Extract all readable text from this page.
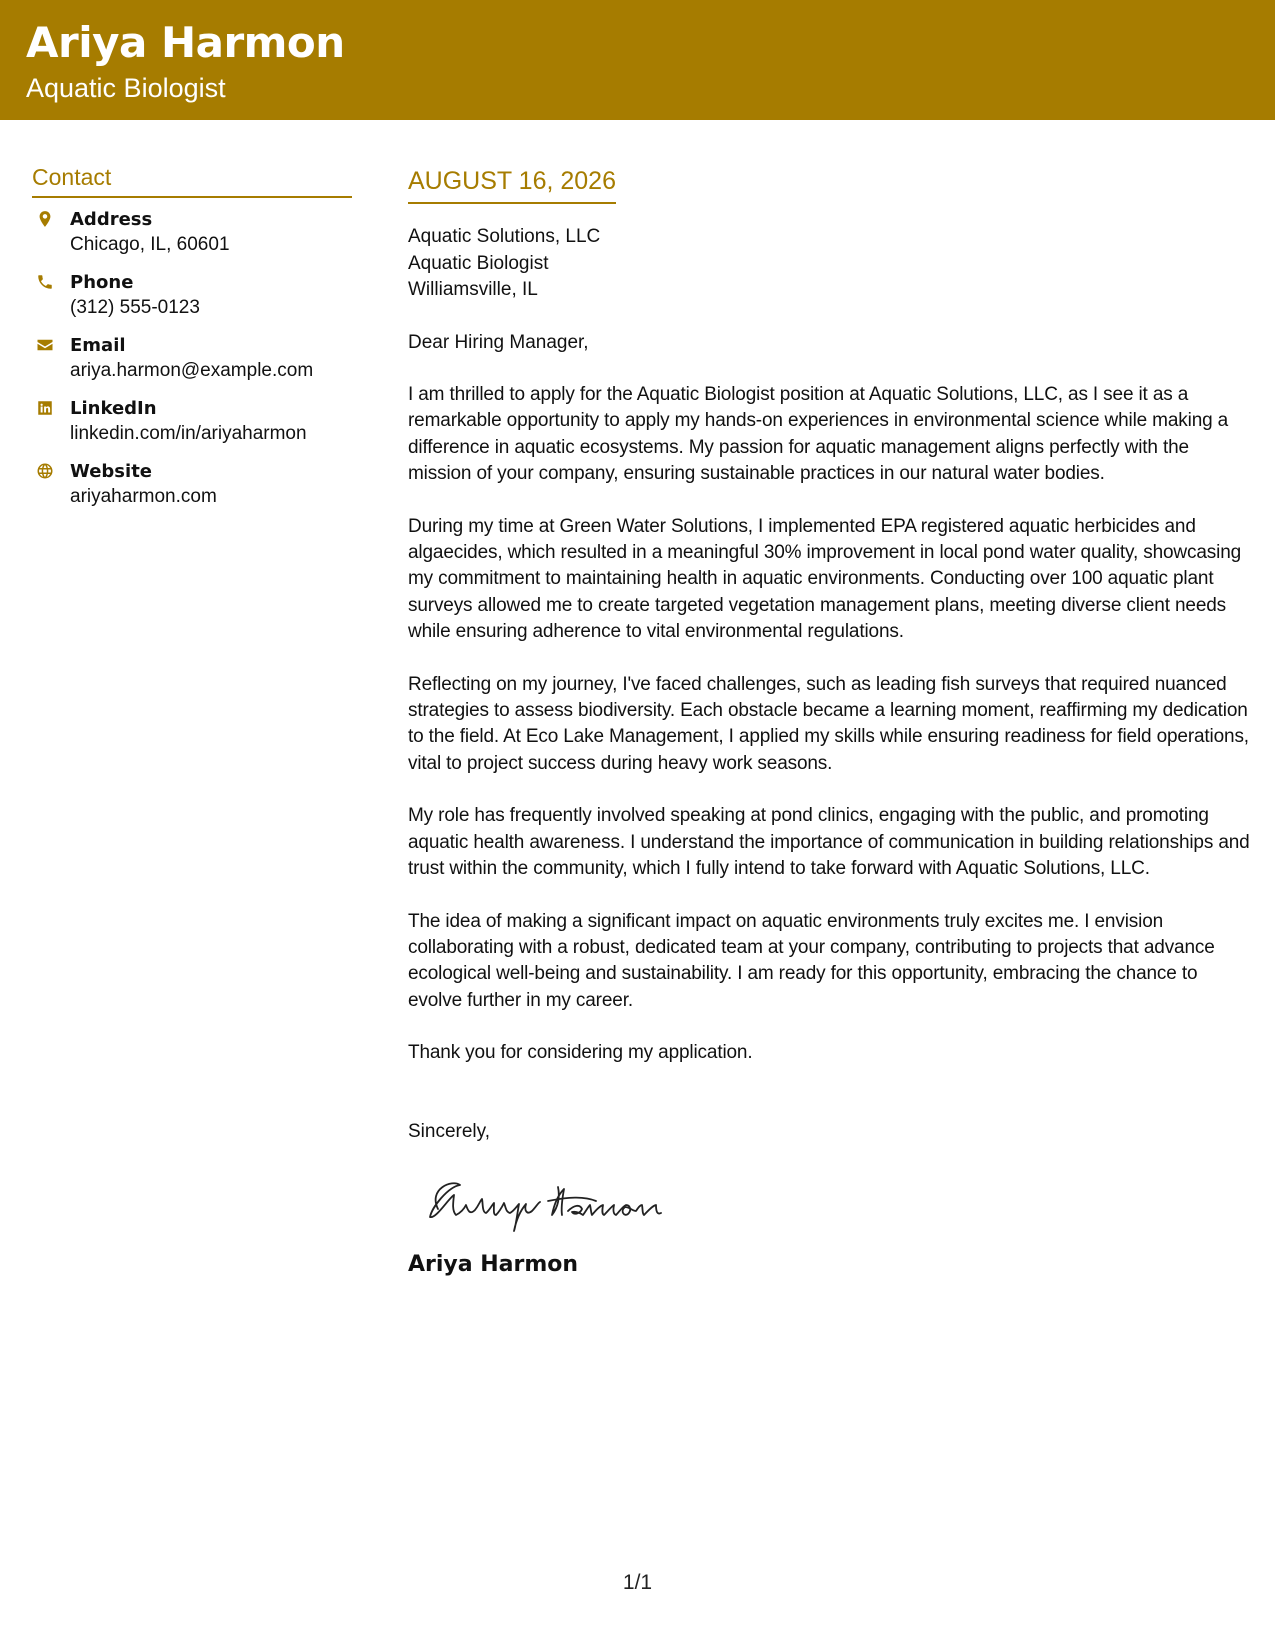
Ariya Harmon
Aquatic Biologist
Contact
Address
Chicago, IL, 60601
Phone
(312) 555-0123
Email
ariya.harmon@example.com
LinkedIn
linkedin.com/in/ariyaharmon
Website
ariyaharmon.com
AUGUST 16, 2026
Aquatic Solutions, LLC
Aquatic Biologist
Williamsville, IL
Dear Hiring Manager,
I am thrilled to apply for the Aquatic Biologist position at Aquatic Solutions, LLC, as I see it as a remarkable opportunity to apply my hands-on experiences in environmental science while making a difference in aquatic ecosystems. My passion for aquatic management aligns perfectly with the mission of your company, ensuring sustainable practices in our natural water bodies.
During my time at Green Water Solutions, I implemented EPA registered aquatic herbicides and algaecides, which resulted in a meaningful 30% improvement in local pond water quality, showcasing my commitment to maintaining health in aquatic environments. Conducting over 100 aquatic plant surveys allowed me to create targeted vegetation management plans, meeting diverse client needs while ensuring adherence to vital environmental regulations.
Reflecting on my journey, I've faced challenges, such as leading fish surveys that required nuanced strategies to assess biodiversity. Each obstacle became a learning moment, reaffirming my dedication to the field. At Eco Lake Management, I applied my skills while ensuring readiness for field operations, vital to project success during heavy work seasons.
My role has frequently involved speaking at pond clinics, engaging with the public, and promoting aquatic health awareness. I understand the importance of communication in building relationships and trust within the community, which I fully intend to take forward with Aquatic Solutions, LLC.
The idea of making a significant impact on aquatic environments truly excites me. I envision collaborating with a robust, dedicated team at your company, contributing to projects that advance ecological well-being and sustainability. I am ready for this opportunity, embracing the chance to evolve further in my career.
Thank you for considering my application.
Sincerely,
Ariya Harmon
1/1
